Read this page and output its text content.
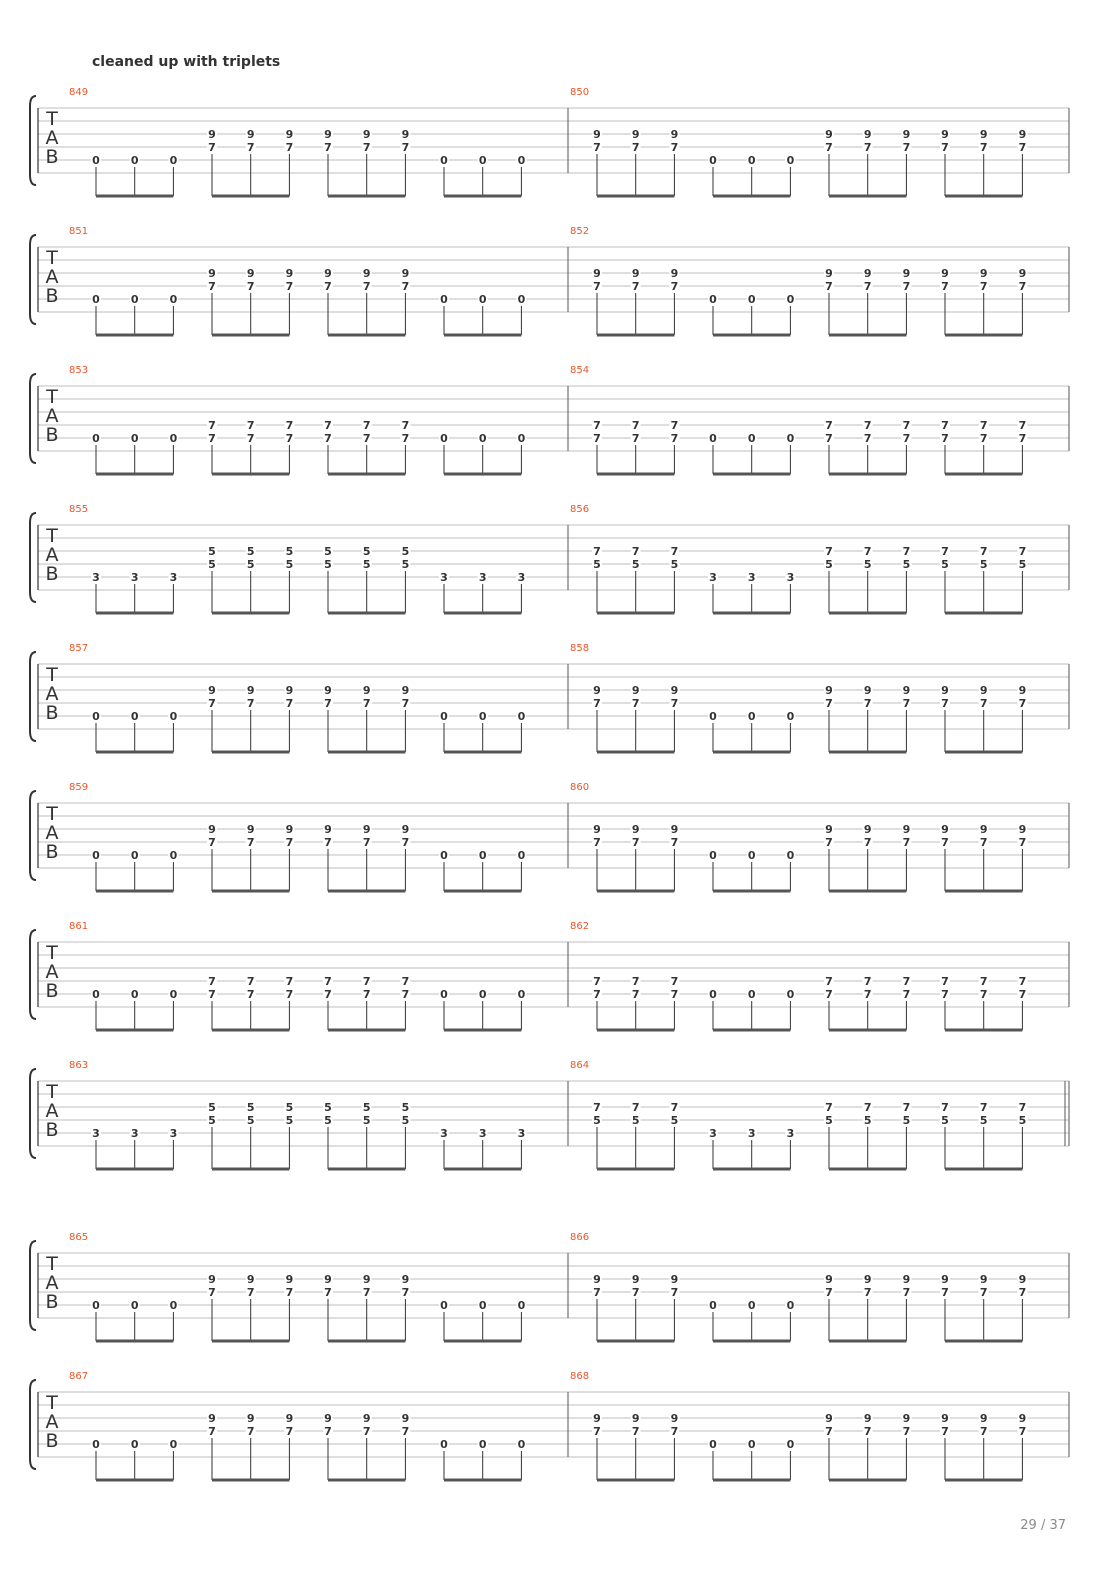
cleaned up with triplets
T
A
B
849
0	0	0
9
7
9
7
9
7
9
7
9
7
9
7
0	0	0
850
9
7
9
7
9
7
0	0	0
9
7
9
7
9
7
9
7
9
7
9
7
T
A
B
851
0	0	0
9
7
9
7
9
7
9
7
9
7
9
7
0	0	0
852
9
7
9
7
9
7
0	0	0
9
7
9
7
9
7
9
7
9
7
9
7
T
A
B
853
0	0	0
7
7
7
7
7
7
7
7
7
7
7
7	0	0	0
854
7
7
7
7
7
7	0	0	0
7
7
7
7
7
7
7
7
7
7
7
7
T
A
B
855
3	3	3
5
5
5
5
5
5
5
5
5
5
5
5
3	3	3
856
7
5
7
5
7
5
3	3	3
7
5
7
5
7
5
7
5
7
5
7
5
T
A
B
857
0	0	0
9
7
9
7
9
7
9
7
9
7
9
7
0	0	0
858
9
7
9
7
9
7
0	0	0
9
7
9
7
9
7
9
7
9
7
9
7
T
A
B
859
0	0	0
9
7
9
7
9
7
9
7
9
7
9
7
0	0	0
860
9
7
9
7
9
7
0	0	0
9
7
9
7
9
7
9
7
9
7
9
7
T
A
B
861
0	0	0
7
7
7
7
7
7
7
7
7
7
7
7	0	0	0
862
7
7
7
7
7
7	0	0	0
7
7
7
7
7
7
7
7
7
7
7
7
T
A
B
863
3	3	3
5
5
5
5
5
5
5
5
5
5
5
5
3	3	3
864
7
5
7
5
7
5
3	3	3
7
5
7
5
7
5
7
5
7
5
7
5
T
A
B
865
0	0	0
9
7
9
7
9
7
9
7
9
7
9
7
0	0	0
866
9
7
9
7
9
7
0	0	0
9
7
9
7
9
7
9
7
9
7
9
7
T
A
B
867
0	0	0
9
7
9
7
9
7
9
7
9
7
9
7
0	0	0
868
9
7
9
7
9
7
0	0	0
9
7
9
7
9
7
9
7
9
7
9
7
29 / 37
